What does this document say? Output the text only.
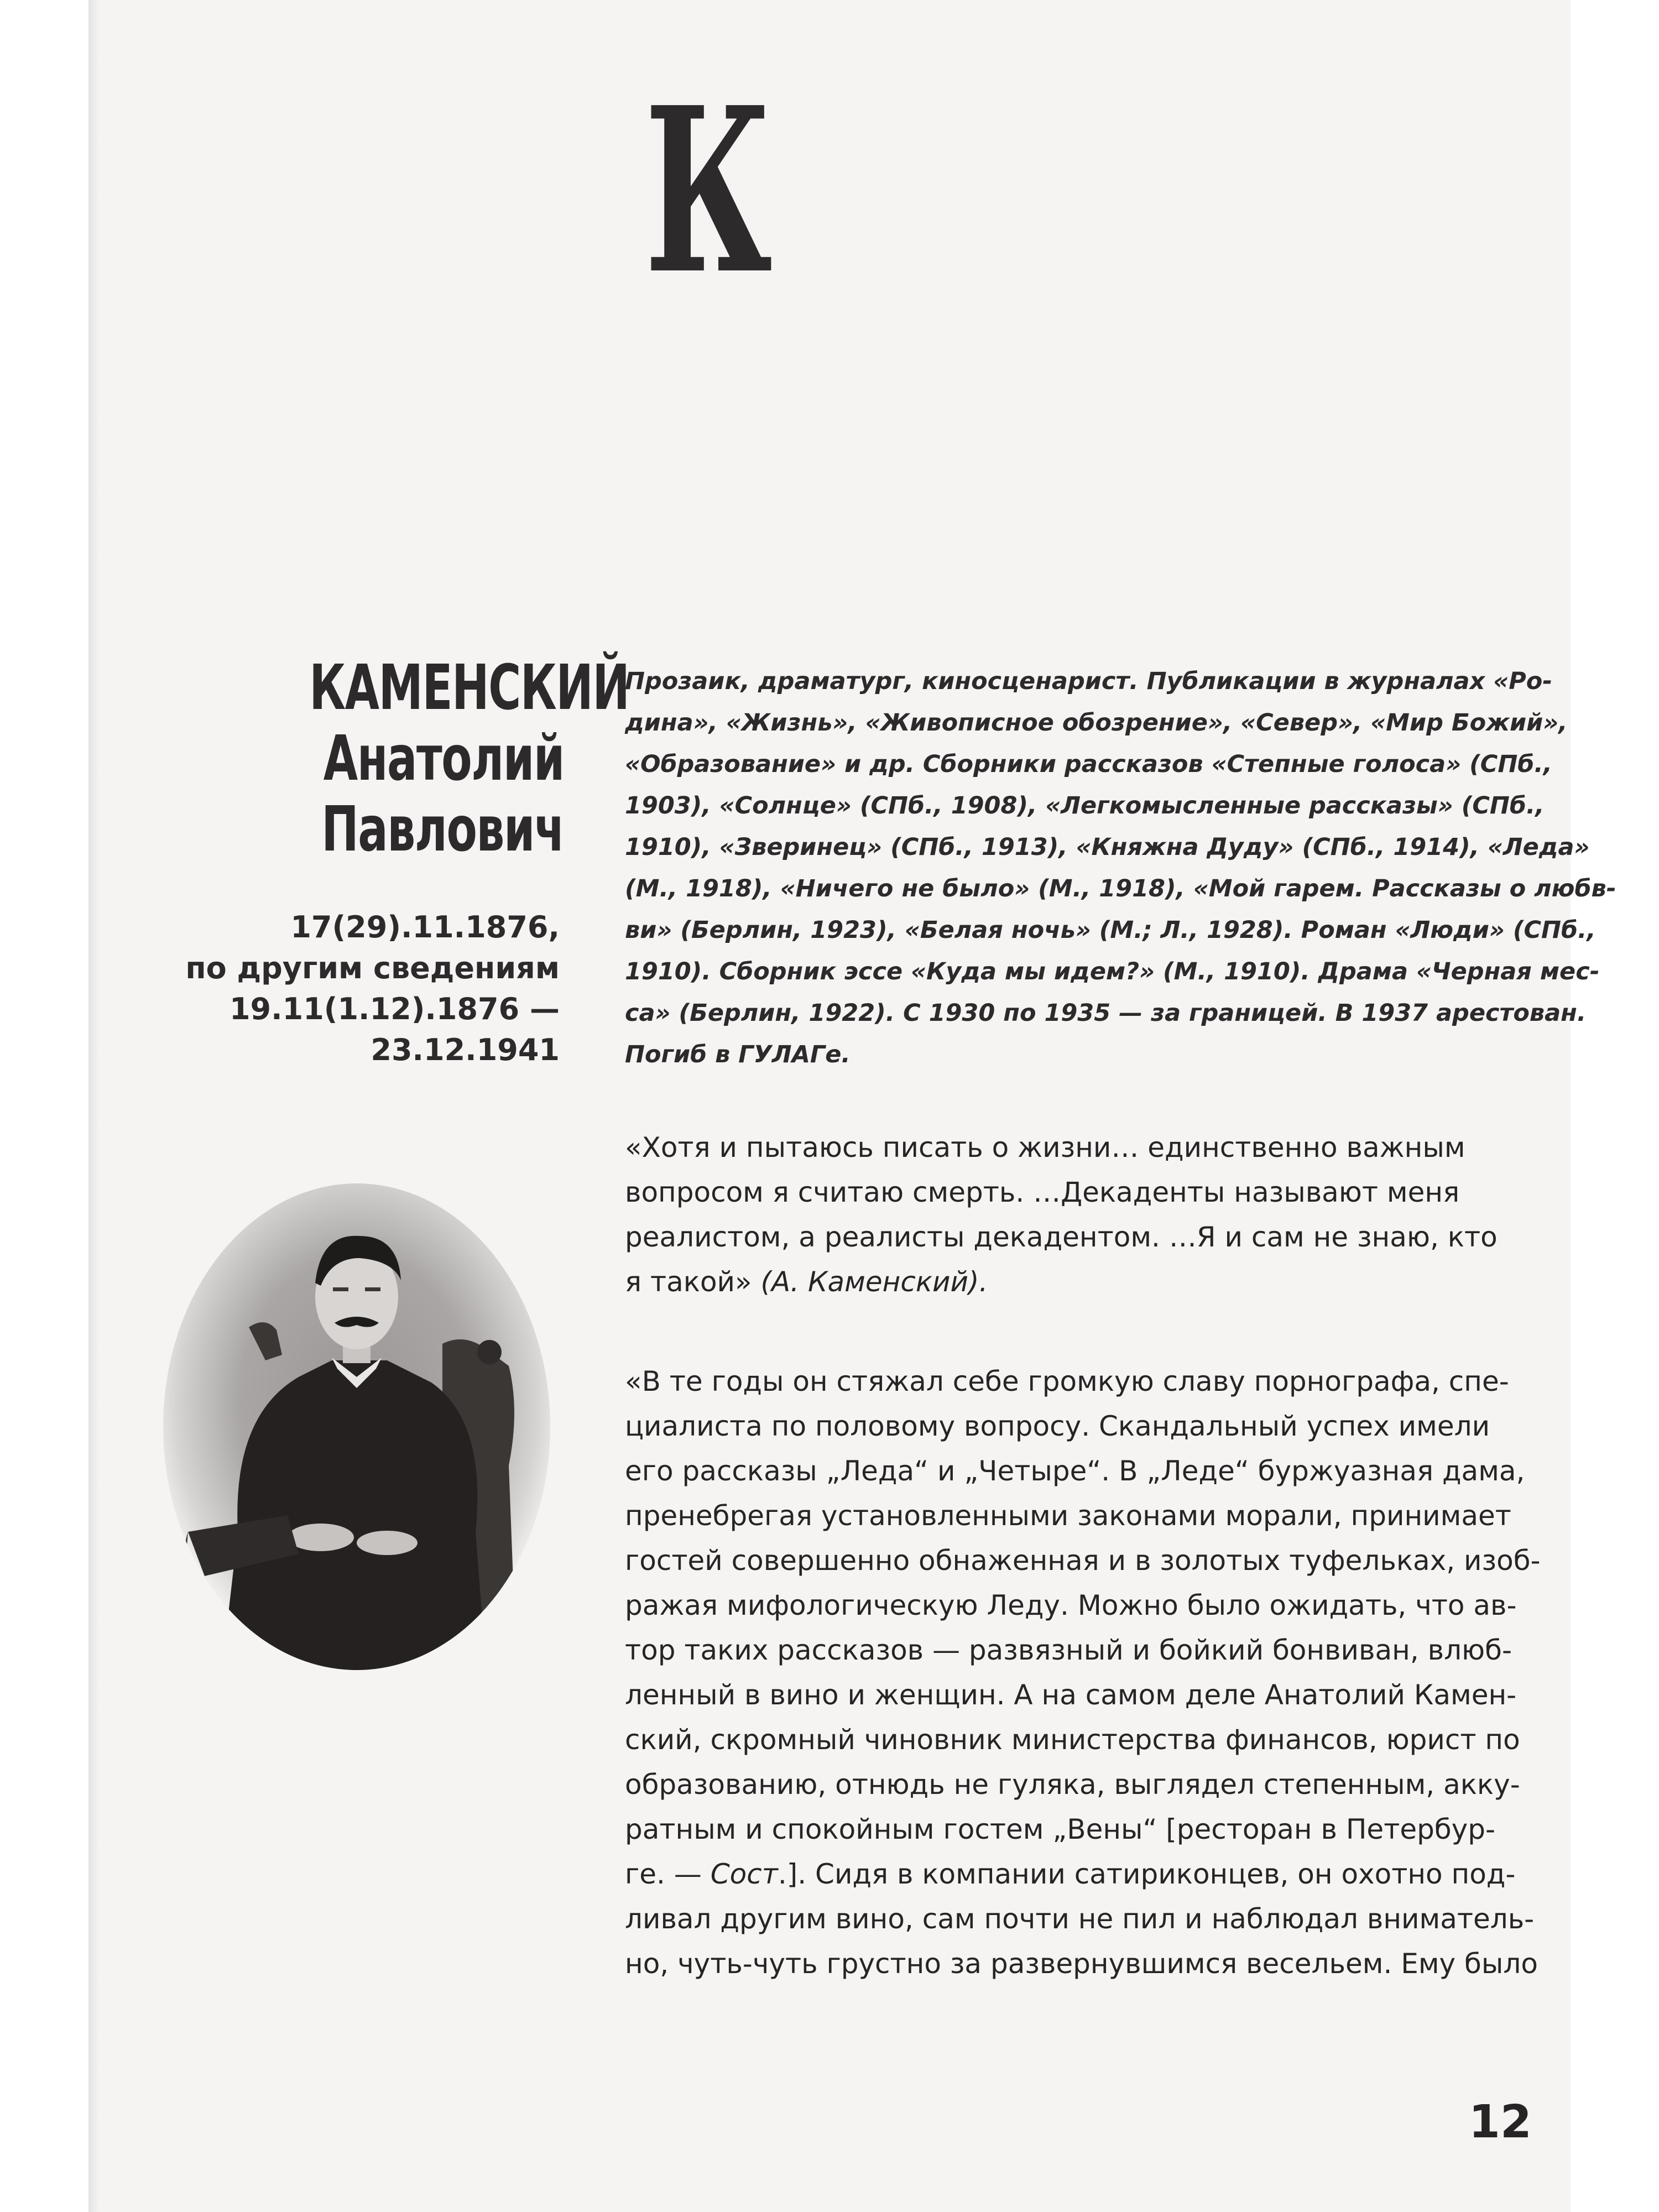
К
КАМЕНСКИЙ
Анатолий
Павлович
17(29).11.1876,
по другим сведениям
19.11(1.12).1876 —
23.12.1941
Прозаик, драматург, киносценарист. Публикации в журналах «Ро-
дина», «Жизнь», «Живописное обозрение», «Север», «Мир Божий»,
«Образование» и др. Сборники рассказов «Степные голоса» (СПб.,
1903), «Солнце» (СПб., 1908), «Легкомысленные рассказы» (СПб.,
1910), «Зверинец» (СПб., 1913), «Княжна Дуду» (СПб., 1914), «Леда»
(М., 1918), «Ничего не было» (М., 1918), «Мой гарем. Рассказы о любв-
ви» (Берлин, 1923), «Белая ночь» (М.; Л., 1928). Роман «Люди» (СПб.,
1910). Сборник эссе «Куда мы идем?» (М., 1910). Драма «Черная мес-
са» (Берлин, 1922). С 1930 по 1935 — за границей. В 1937 арестован.
Погиб в ГУЛАГе.
«Хотя и пытаюсь писать о жизни… единственно важным
вопросом я считаю смерть. …Декаденты называют меня
реалистом, а реалисты декадентом. …Я и сам не знаю, кто
я такой» (А. Каменский).
«В те годы он стяжал себе громкую славу порнографа, спе-
циалиста по половому вопросу. Скандальный успех имели
его рассказы „Леда“ и „Четыре“. В „Леде“ буржуазная дама,
пренебрегая установленными законами морали, принимает
гостей совершенно обнаженная и в золотых туфельках, изоб-
ражая мифологическую Леду. Можно было ожидать, что ав-
тор таких рассказов — развязный и бойкий бонвиван, влюб-
ленный в вино и женщин. А на самом деле Анатолий Камен-
ский, скромный чиновник министерства финансов, юрист по
образованию, отнюдь не гуляка, выглядел степенным, акку-
ратным и спокойным гостем „Вены“ [ресторан в Петербур-
ге. — Сост.]. Сидя в компании сатириконцев, он охотно под-
ливал другим вино, сам почти не пил и наблюдал вниматель-
но, чуть-чуть грустно за развернувшимся весельем. Ему было
12
